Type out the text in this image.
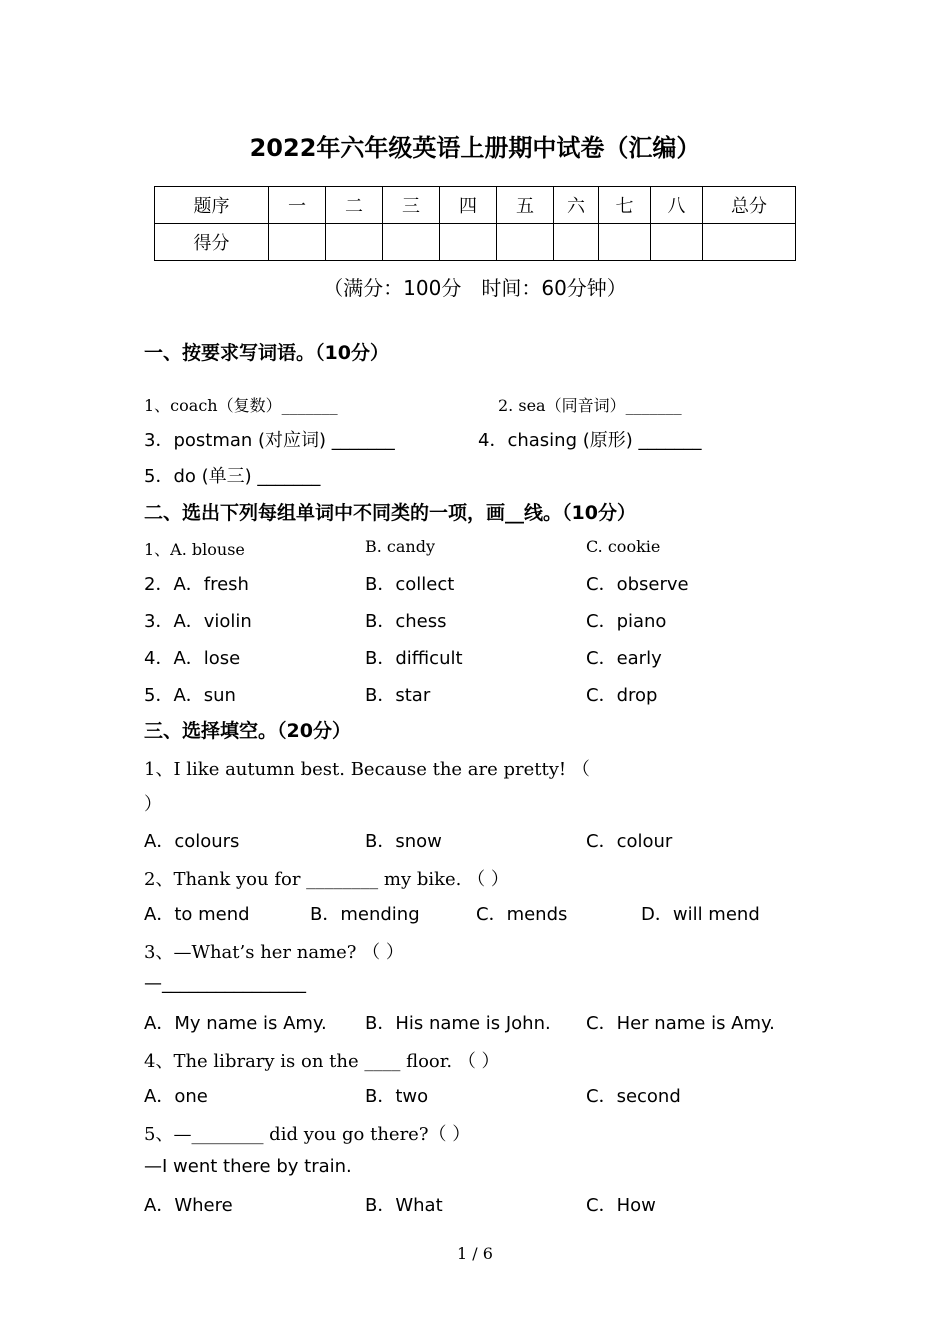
2022年六年级英语上册期中试卷（汇编）
题序	一	二	三	四	五	六	七	八	总分
得分									
（满分：100分　时间：60分钟）
一、按要求写词语。（10分）
1、coach（复数）_______	2. sea（同音词）_______
3．postman (对应词) _______	4．chasing (原形) _______
5．do (单三) _______
二、选出下列每组单词中不同类的一项，画__线。（10分）
1、A. blouse	B. candy	C. cookie
2．A．fresh	B．collect	C．observe
3．A．violin	B．chess	C．piano
4．A．lose	B．difficult	C．early
5．A．sun	B．star	C．drop
三、选择填空。（20分）
1、I like autumn best. Because the are pretty! （
）
A．colours	B．snow	C．colour
2、Thank you for ________ my bike. （ ）
A．to mend	B．mending	C．mends	D．will mend
3、—What’s her name? （ ）
—________________
A．My name is Amy. B．His name is John. C．Her name is Amy.
4、The library is on the ____ floor. （ ）
A．one	B．two	C．second
5、—________ did you go there?（ ）
—I went there by train.
A．Where	B．What	C．How
1 / 6
